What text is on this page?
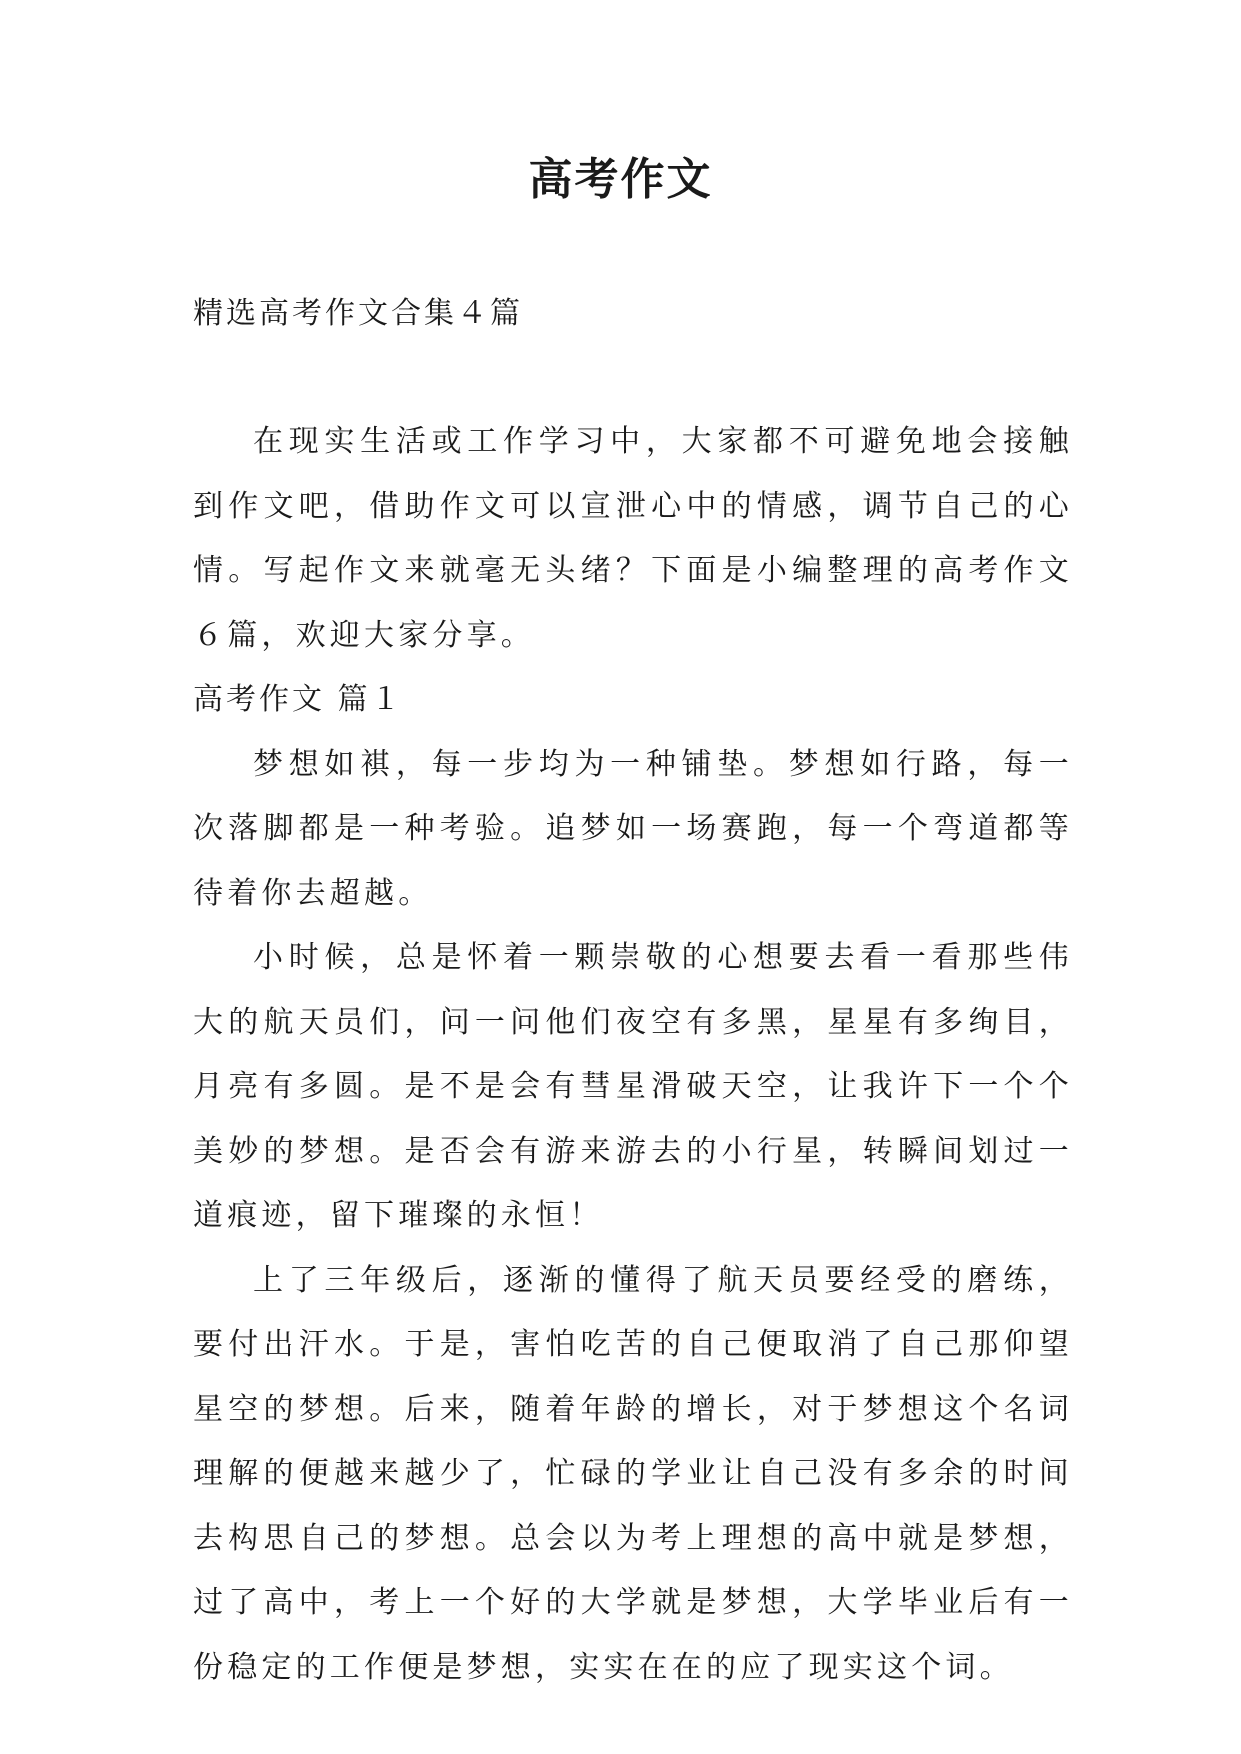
高考作文
精选高考作文合集４篇

在现实生活或工作学习中，大家都不可避免地会接触到作文吧，借助作文可以宣泄心中的情感，调节自己的心情。写起作文来就毫无头绪？下面是小编整理的高考作文６篇，欢迎大家分享。

高考作文 篇１

梦想如褀，每一步均为一种铺垫。梦想如行路，每一次落脚都是一种考验。追梦如一场赛跑，每一个弯道都等待着你去超越。

小时候，总是怀着一颗崇敬的心想要去看一看那些伟大的航天员们，问一问他们夜空有多黑，星星有多绚目，月亮有多圆。是不是会有彗星滑破天空，让我许下一个个美妙的梦想。是否会有游来游去的小行星，转瞬间划过一道痕迹，留下璀璨的永恒！

上了三年级后，逐渐的懂得了航天员要经受的磨练，要付出汗水。于是，害怕吃苦的自己便取消了自己那仰望星空的梦想。后来，随着年龄的增长，对于梦想这个名词理解的便越来越少了，忙碌的学业让自己没有多余的时间去构思自己的梦想。总会以为考上理想的高中就是梦想，过了高中，考上一个好的大学就是梦想，大学毕业后有一份稳定的工作便是梦想，实实在在的应了现实这个词。
